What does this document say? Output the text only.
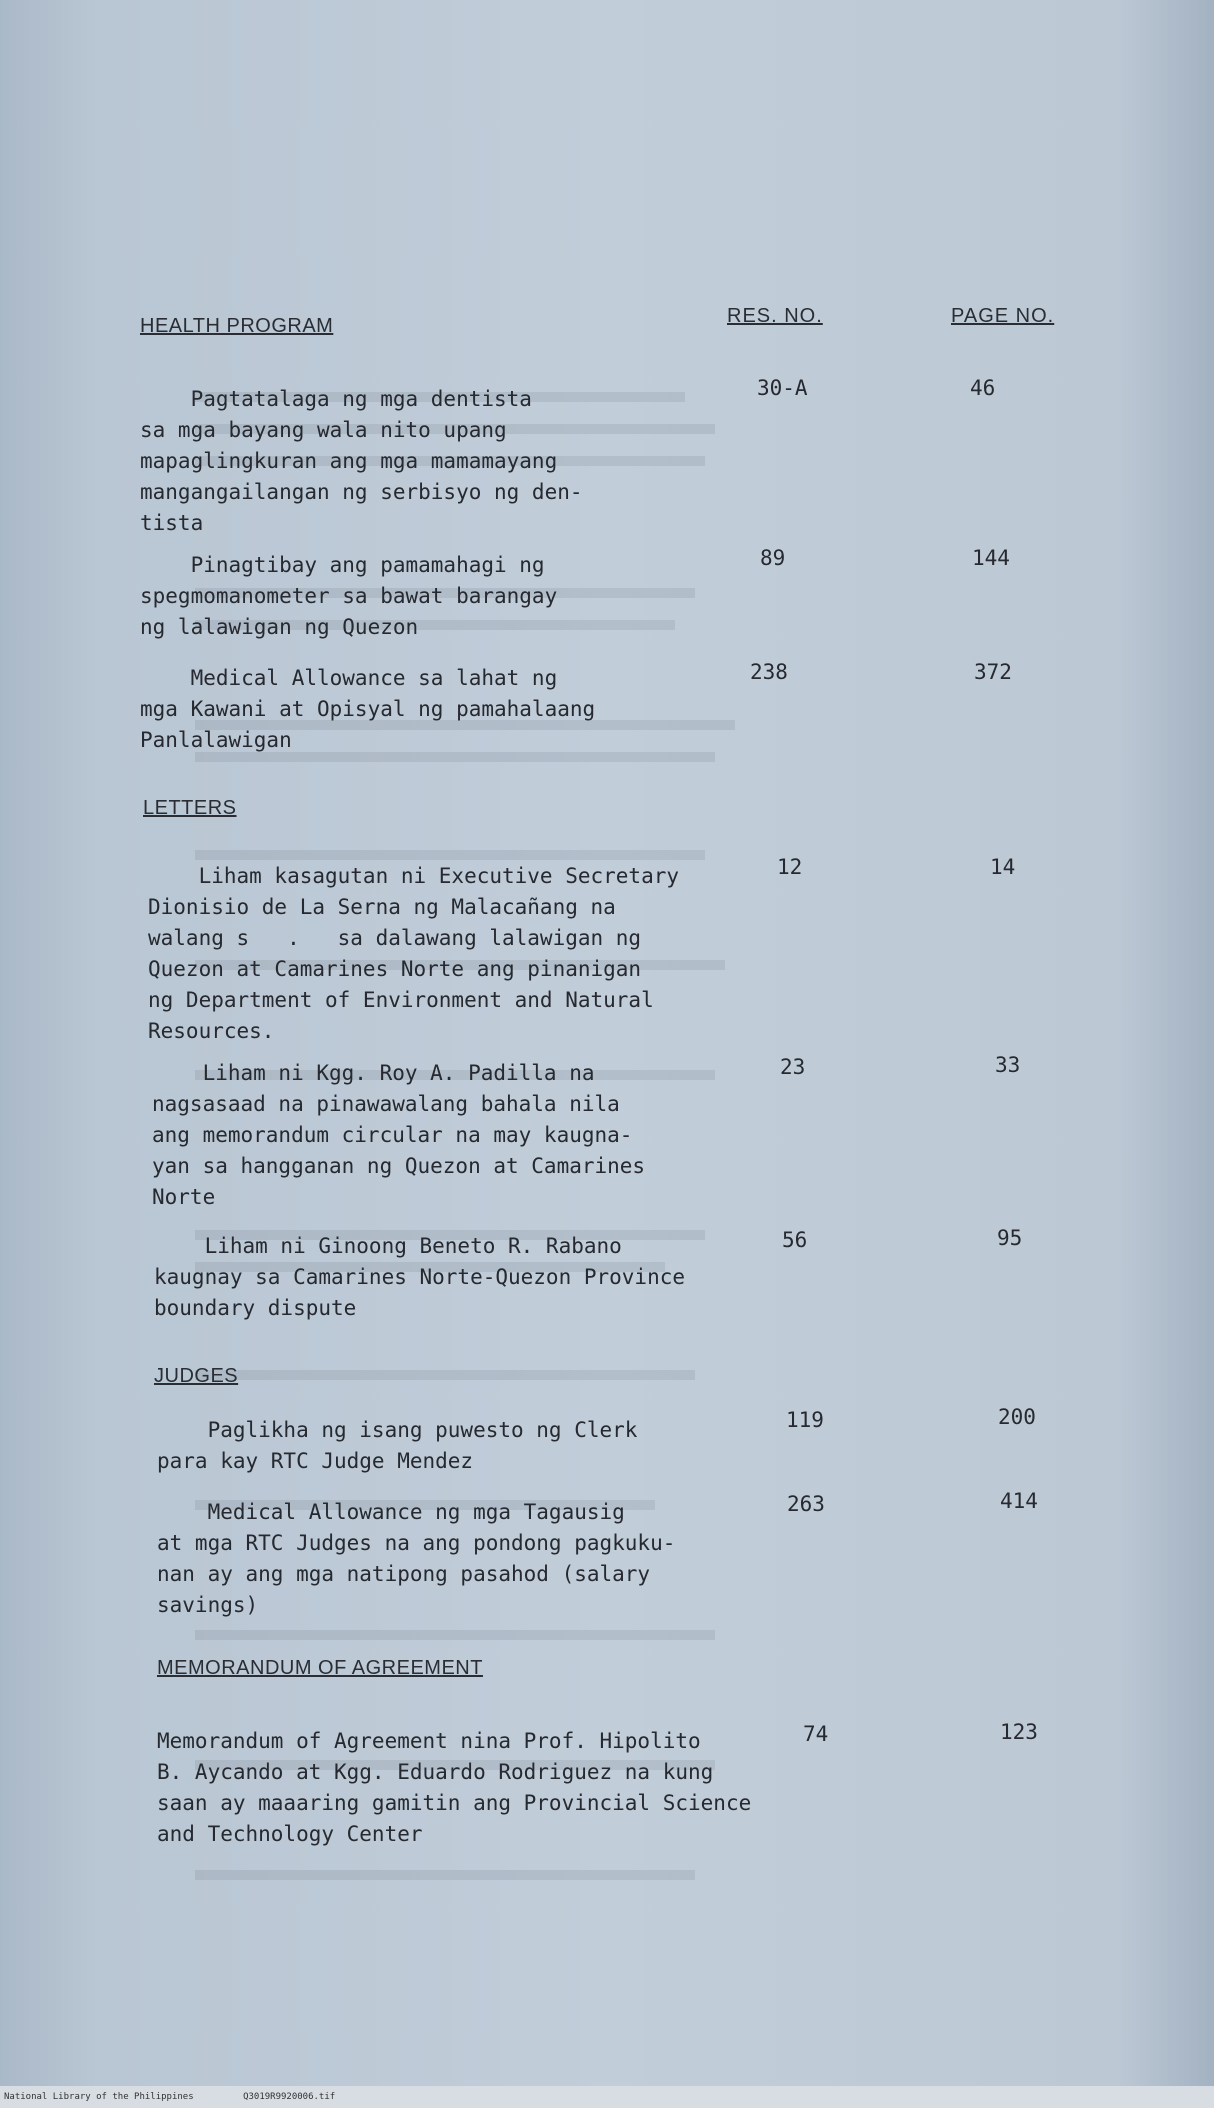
RES. NO.	PAGE NO.
HEALTH PROGRAM
Pagtatalaga ng mga dentista
sa mga bayang wala nito upang
mapaglingkuran ang mga mamamayang
mangangailangan ng serbisyo ng den-
tista
30-A	46
Pinagtibay ang pamamahagi ng
spegmomanometer sa bawat barangay
ng lalawigan ng Quezon
89	144
Medical Allowance sa lahat ng
mga Kawani at Opisyal ng pamahalaang
Panlalawigan
238	372
LETTERS
Liham kasagutan ni Executive Secretary
Dionisio de La Serna ng Malacañang na
walang s   .   sa dalawang lalawigan ng
Quezon at Camarines Norte ang pinanigan
ng Department of Environment and Natural
Resources.
12	14
Liham ni Kgg. Roy A. Padilla na
nagsasaad na pinawawalang bahala nila
ang memorandum circular na may kaugna-
yan sa hangganan ng Quezon at Camarines
Norte
23	33
Liham ni Ginoong Beneto R. Rabano
kaugnay sa Camarines Norte-Quezon Province
boundary dispute
56	95
JUDGES
Paglikha ng isang puwesto ng Clerk
para kay RTC Judge Mendez
119	200
Medical Allowance ng mga Tagausig
at mga RTC Judges na ang pondong pagkuku-
nan ay ang mga natipong pasahod (salary
savings)
263	414
MEMORANDUM OF AGREEMENT
Memorandum of Agreement nina Prof. Hipolito
B. Aycando at Kgg. Eduardo Rodriguez na kung
saan ay maaaring gamitin ang Provincial Science
and Technology Center
74	123
National Library of the Philippines	Q3019R9920006.tif
